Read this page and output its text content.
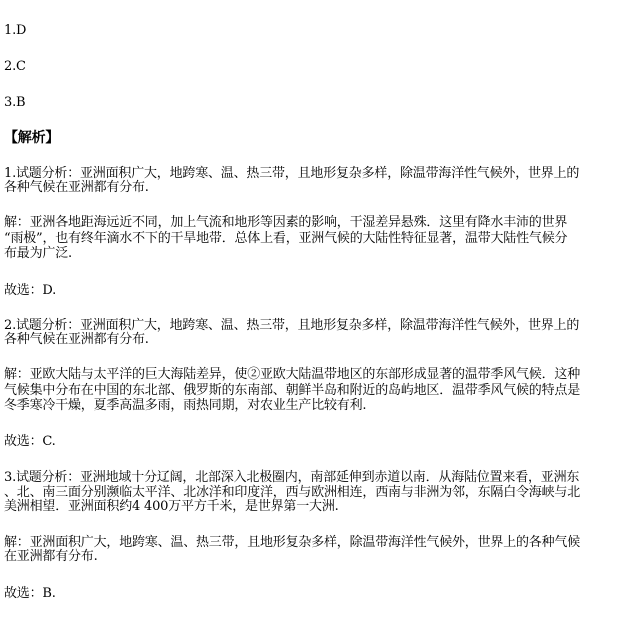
1.D
2.C
3.B
【解析】
1.试题分析：亚洲面积广大，地跨寒、温、热三带，且地形复杂多样，除温带海洋性气候外，世界上的
各种气候在亚洲都有分布.
解：亚洲各地距海远近不同，加上气流和地形等因素的影响，干湿差异悬殊．这里有降水丰沛的世界
“雨极”，也有终年滴水不下的干旱地带．总体上看，亚洲气候的大陆性特征显著，温带大陆性气候分
布最为广泛.
故选：D.
2.试题分析：亚洲面积广大，地跨寒、温、热三带，且地形复杂多样，除温带海洋性气候外，世界上的
各种气候在亚洲都有分布.
解：亚欧大陆与太平洋的巨大海陆差异，使②亚欧大陆温带地区的东部形成显著的温带季风气候．这种
气候集中分布在中国的东北部、俄罗斯的东南部、朝鲜半岛和附近的岛屿地区．温带季风气候的特点是
冬季寒冷干燥，夏季高温多雨，雨热同期，对农业生产比较有利.
故选：C.
3.试题分析：亚洲地域十分辽阔，北部深入北极圈内，南部延伸到赤道以南．从海陆位置来看，亚洲东
、北、南三面分别濒临太平洋、北冰洋和印度洋，西与欧洲相连，西南与非洲为邻，东隔白令海峡与北
美洲相望．亚洲面积约4 400万平方千米，是世界第一大洲.
解：亚洲面积广大，地跨寒、温、热三带，且地形复杂多样，除温带海洋性气候外，世界上的各种气候
在亚洲都有分布.
故选：B.
